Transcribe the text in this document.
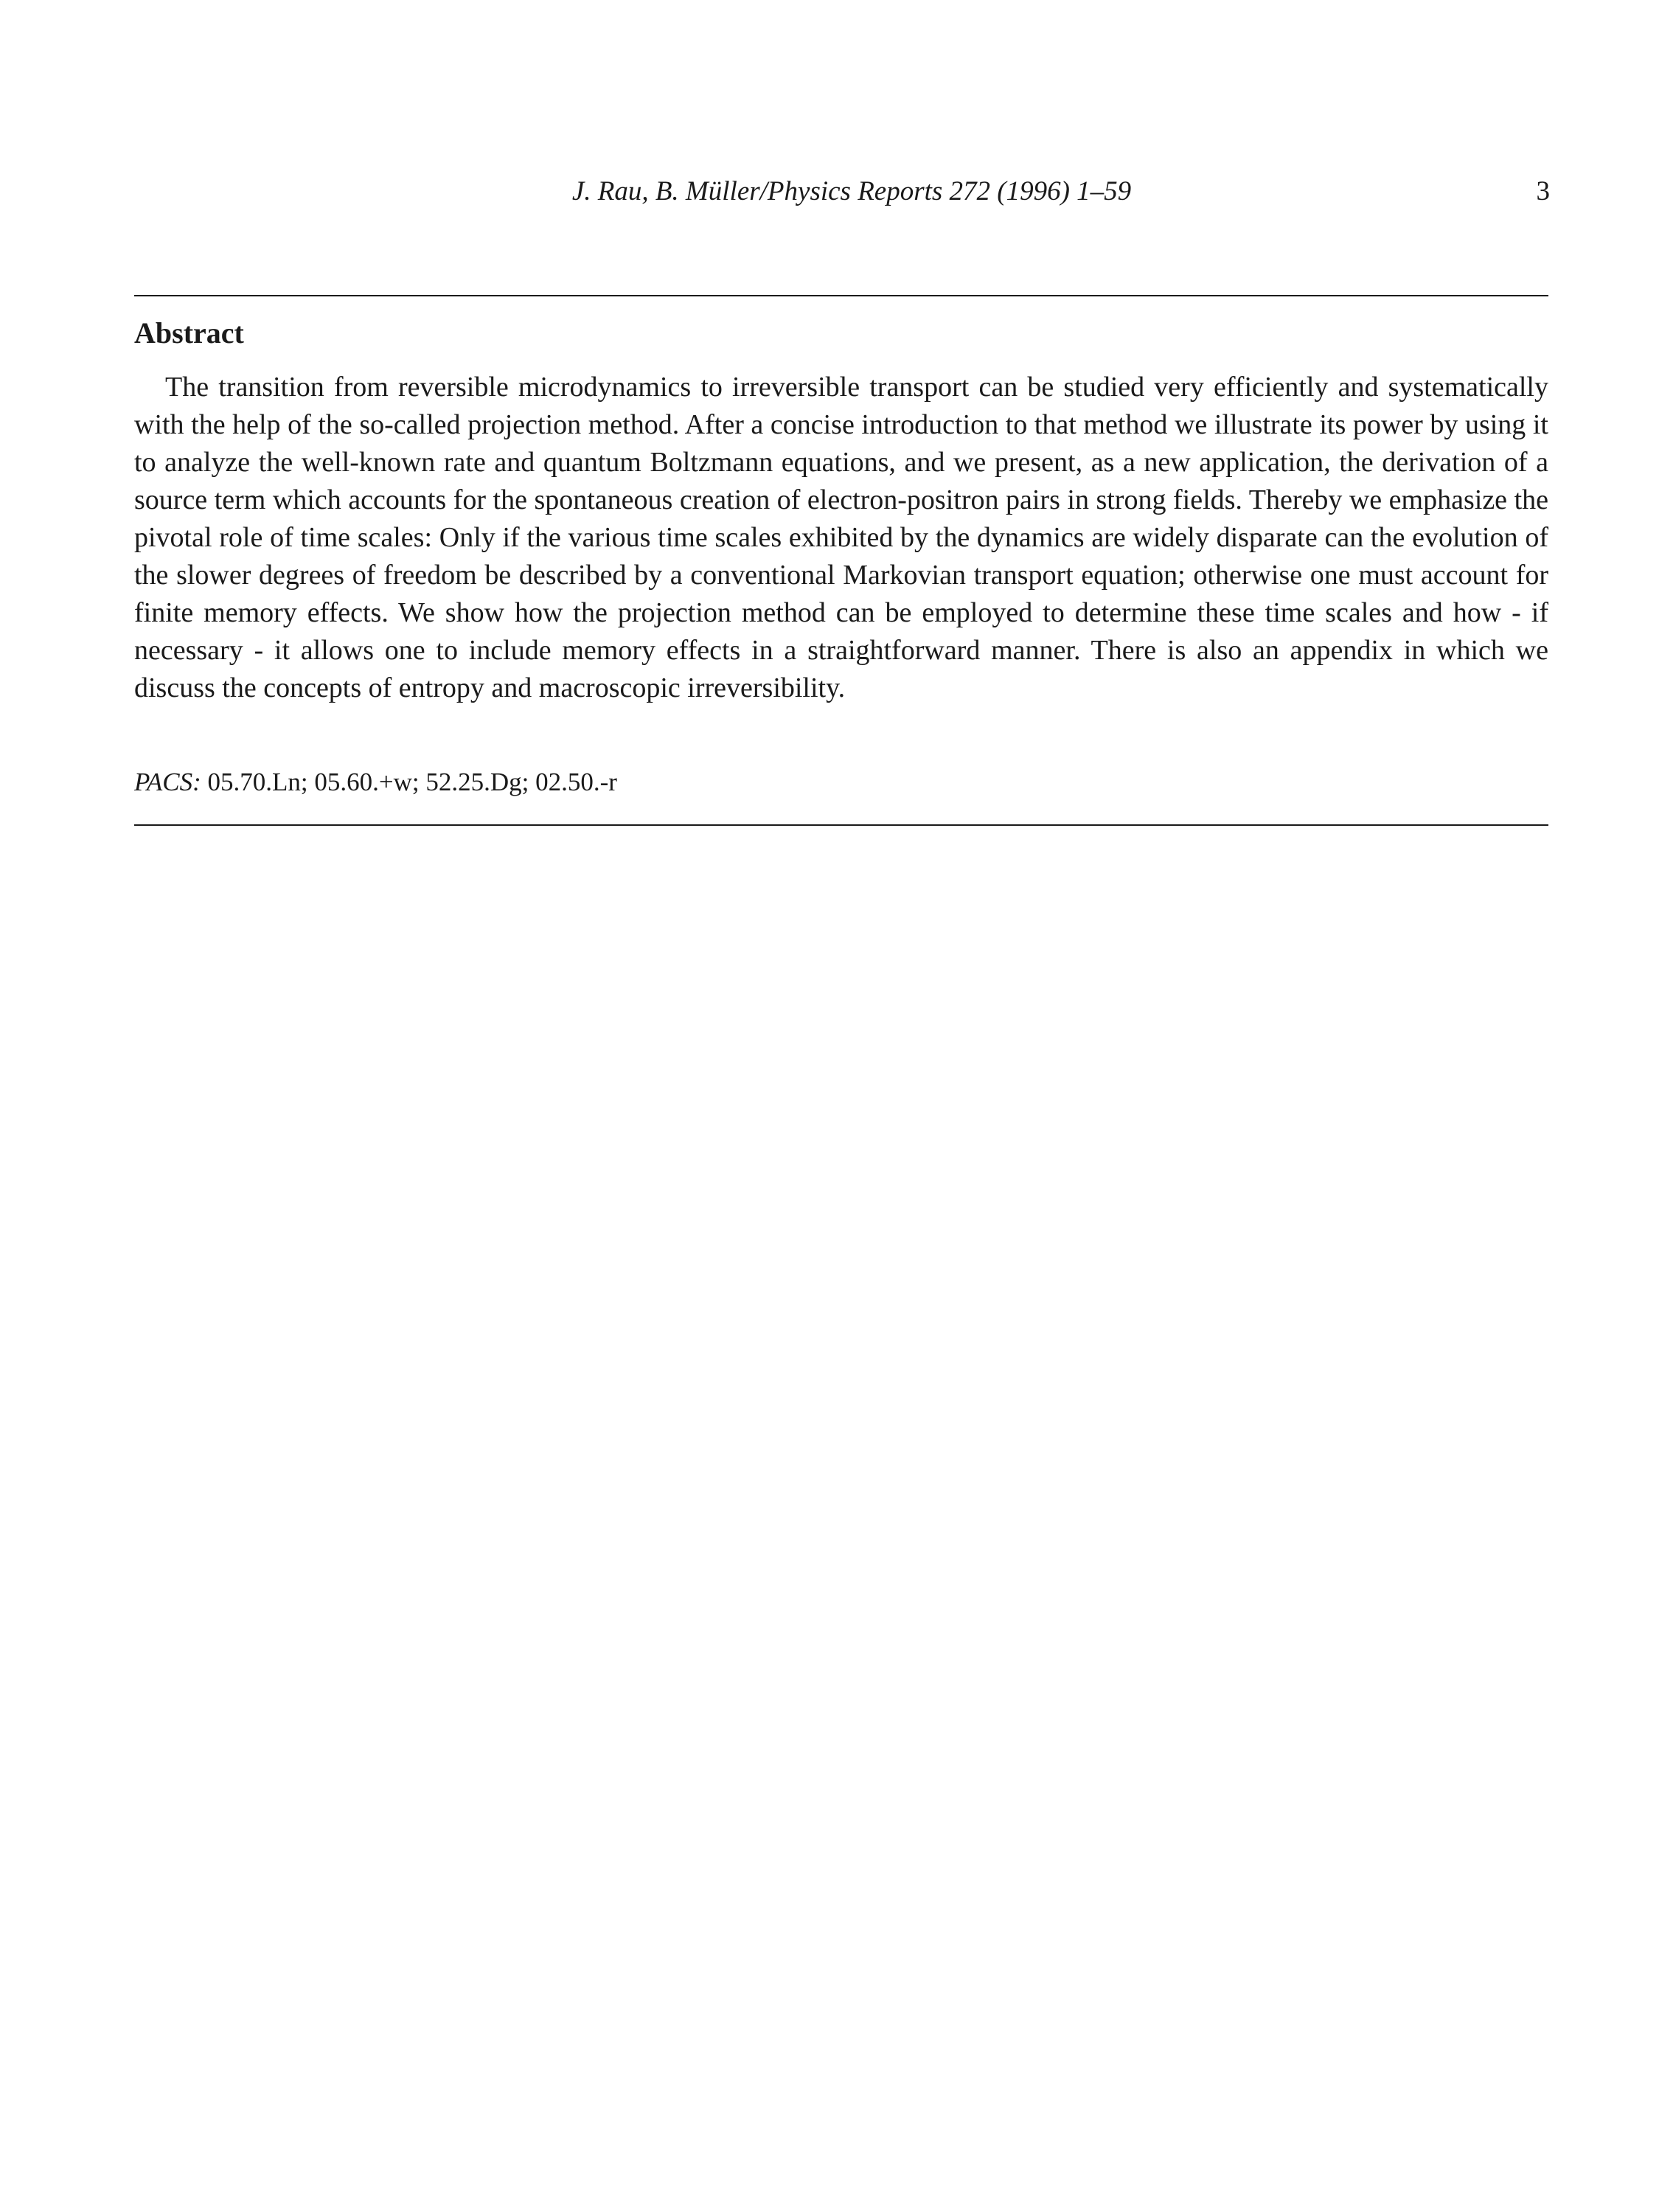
J. Rau, B. Müller/Physics Reports 272 (1996) 1–59	3
Abstract

The transition from reversible microdynamics to irreversible transport can be studied very efficiently and systematically with the help of the so-called projection method. After a concise introduction to that method we illustrate its power by using it to analyze the well-known rate and quantum Boltzmann equations, and we present, as a new application, the derivation of a source term which accounts for the spontaneous creation of electron-positron pairs in strong fields. Thereby we emphasize the pivotal role of time scales: Only if the various time scales exhibited by the dynamics are widely disparate can the evolution of the slower degrees of freedom be described by a conventional Markovian transport equation; otherwise one must account for finite memory effects. We show how the projection method can be employed to determine these time scales and how - if necessary - it allows one to include memory effects in a straightforward manner. There is also an appendix in which we discuss the concepts of entropy and macroscopic irreversibility.

PACS: 05.70.Ln; 05.60.+w; 52.25.Dg; 02.50.-r
